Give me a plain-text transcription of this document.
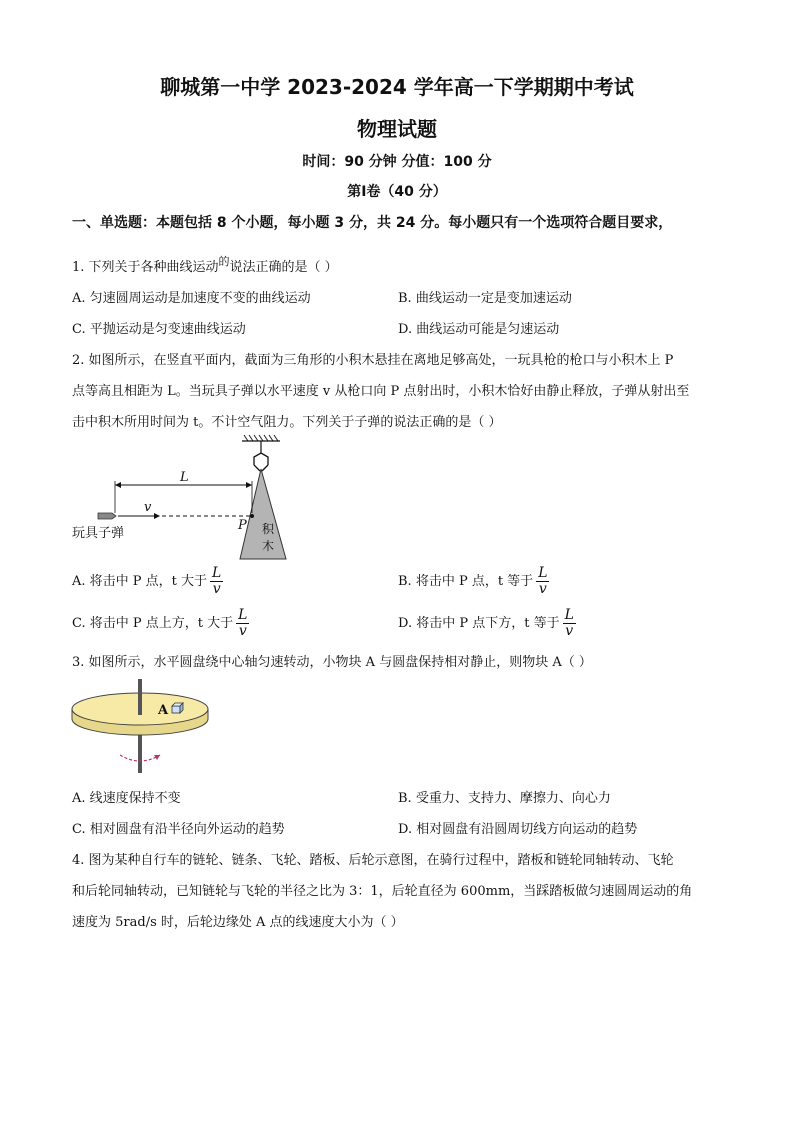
聊城第一中学 2023-2024 学年高一下学期期中考试
物理试题
时间：90 分钟 分值：100 分
第Ⅰ卷（40 分）
一、单选题：本题包括 8 个小题，每小题 3 分，共 24 分。每小题只有一个选项符合题目要求，
1. 下列关于各种曲线运动$^的$说法正确的是（ ）
A. 匀速圆周运动是加速度不变的曲线运动	B. 曲线运动一定是变加速运动
C. 平抛运动是匀变速曲线运动	D. 曲线运动可能是匀速运动
2. 如图所示，在竖直平面内，截面为三角形的小积木悬挂在离地足够高处，一玩具枪的枪口与小积木上 P
点等高且相距为 L。当玩具子弹以水平速度 v 从枪口向 P 点射出时，小积木恰好由静止释放，子弹从射出至
击中积木所用时间为 t。不计空气阻力。下列关于子弹的说法正确的是（ ）
积
木
P
L
v
玩具子弹
A. 将击中 P 点，t 大于 $\frac{L}{v}$	B. 将击中 P 点，t 等于 $\frac{L}{v}$
C. 将击中 P 点上方，t 大于 $\frac{L}{v}$	D. 将击中 P 点下方，t 等于 $\frac{L}{v}$
3. 如图所示，水平圆盘绕中心轴匀速转动，小物块 A 与圆盘保持相对静止，则物块 A（ ）
A
A. 线速度保持不变	B. 受重力、支持力、摩擦力、向心力
C. 相对圆盘有沿半径向外运动的趋势	D. 相对圆盘有沿圆周切线方向运动的趋势
4. 图为某种自行车的链轮、链条、飞轮、踏板、后轮示意图，在骑行过程中，踏板和链轮同轴转动、飞轮
和后轮同轴转动，已知链轮与飞轮的半径之比为 3：1，后轮直径为 600mm，当踩踏板做匀速圆周运动的角
速度为 5rad/s 时，后轮边缘处 A 点的线速度大小为（ ）
